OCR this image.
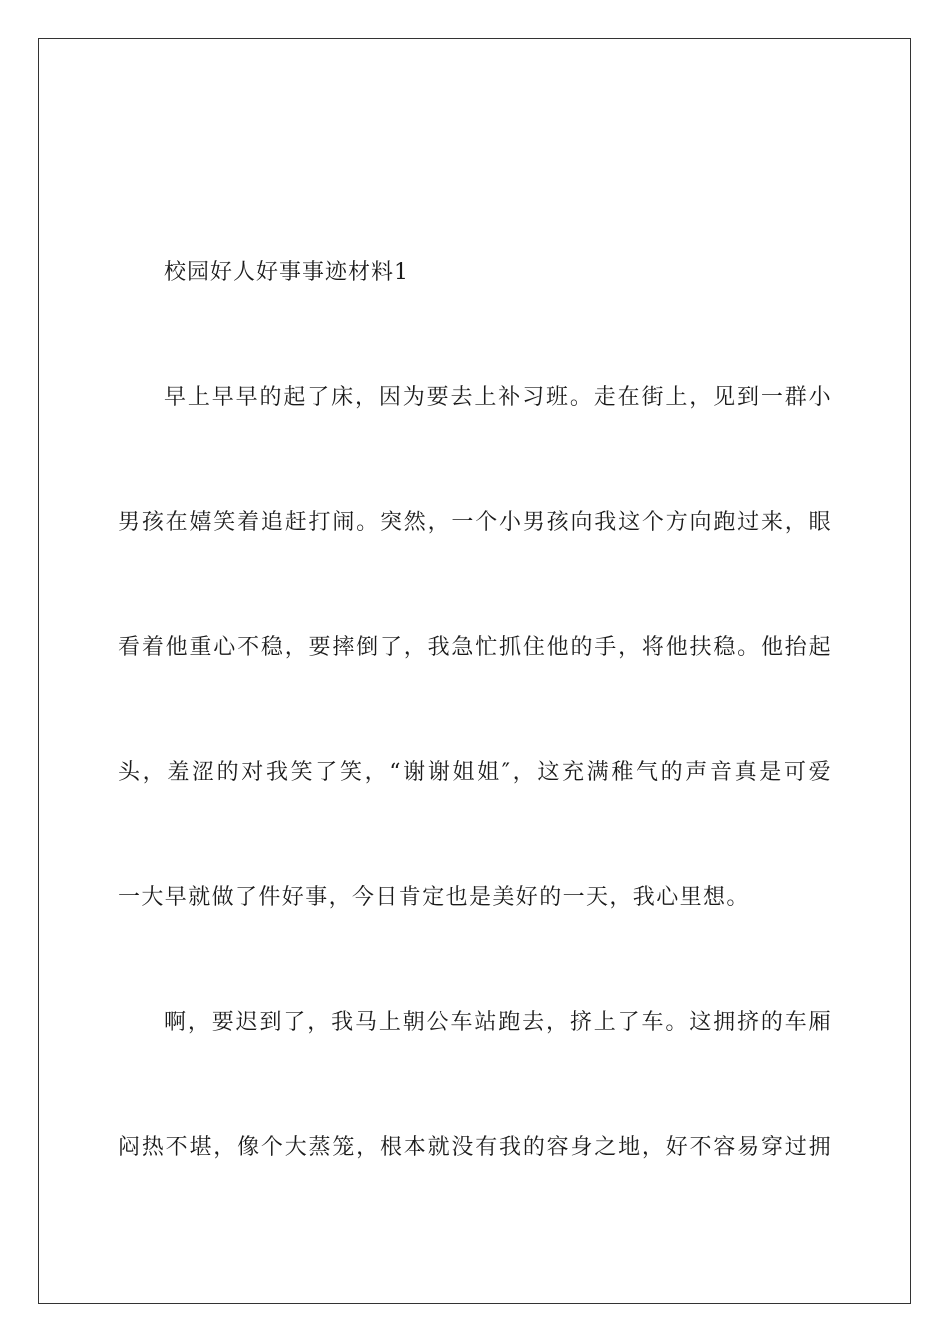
校园好人好事事迹材料1
早上早早的起了床，因为要去上补习班。走在街上，见到一群小
男孩在嬉笑着追赶打闹。突然，一个小男孩向我这个方向跑过来，眼
看着他重心不稳，要摔倒了，我急忙抓住他的手，将他扶稳。他抬起
头，羞涩的对我笑了笑，“谢谢姐姐″，这充满稚气的声音真是可爱
一大早就做了件好事，今日肯定也是美好的一天，我心里想。
啊，要迟到了，我马上朝公车站跑去，挤上了车。这拥挤的车厢
闷热不堪，像个大蒸笼，根本就没有我的容身之地，好不容易穿过拥
